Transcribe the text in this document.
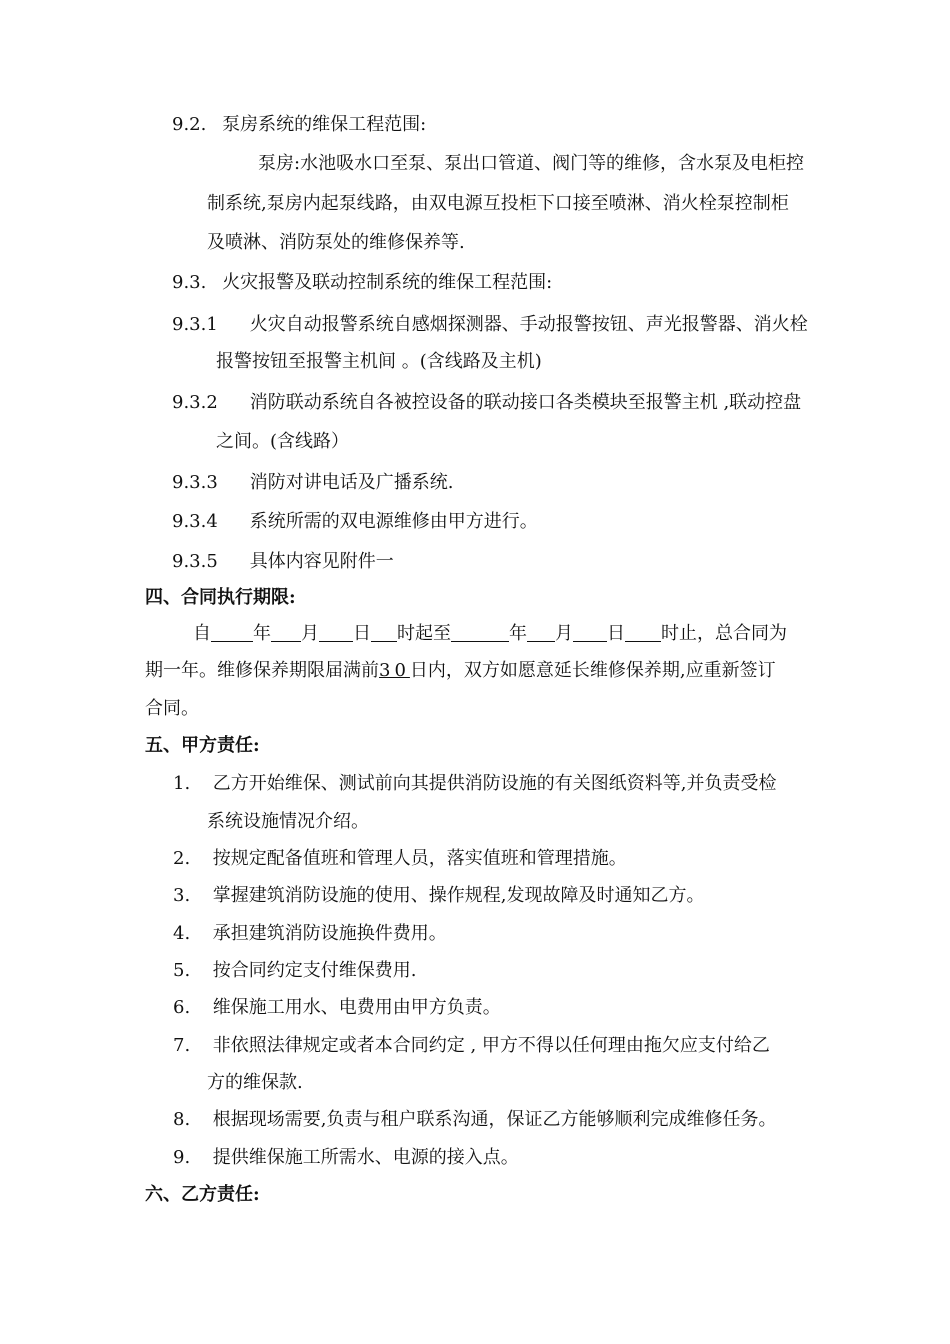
9.2. 泵房系统的维保工程范围:
泵房:水池吸水口至泵、泵出口管道、阀门等的维修，含水泵及电柜控
制系统,泵房内起泵线路，由双电源互投柜下口接至喷淋、消火栓泵控制柜
及喷淋、消防泵处的维修保养等.
9.3. 火灾报警及联动控制系统的维保工程范围:
9.3.1 火灾自动报警系统自感烟探测器、手动报警按钮、声光报警器、消火栓
报警按钮至报警主机间 。(含线路及主机)
9.3.2 消防联动系统自各被控设备的联动接口各类模块至报警主机 ,联动控盘
之间。(含线路）
9.3.3 消防对讲电话及广播系统.
9.3.4 系统所需的双电源维修由甲方进行。
9.3.5 具体内容见附件一
四、合同执行期限:
自 年 月 日 时起至	年 月 日 时止，总合同为
期一年。维修保养期限届满前30日内，双方如愿意延长维修保养期,应重新签订
合同。
五、甲方责任:
1. 乙方开始维保、测试前向其提供消防设施的有关图纸资料等,并负责受检
系统设施情况介绍。
2. 按规定配备值班和管理人员，落实值班和管理措施。
3. 掌握建筑消防设施的使用、操作规程,发现故障及时通知乙方。
4. 承担建筑消防设施换件费用。
5. 按合同约定支付维保费用.
6. 维保施工用水、电费用由甲方负责。
7. 非依照法律规定或者本合同约定 , 甲方不得以任何理由拖欠应支付给乙
方的维保款.
8. 根据现场需要,负责与租户联系沟通，保证乙方能够顺利完成维修任务。
9. 提供维保施工所需水、电源的接入点。
六、乙方责任:
